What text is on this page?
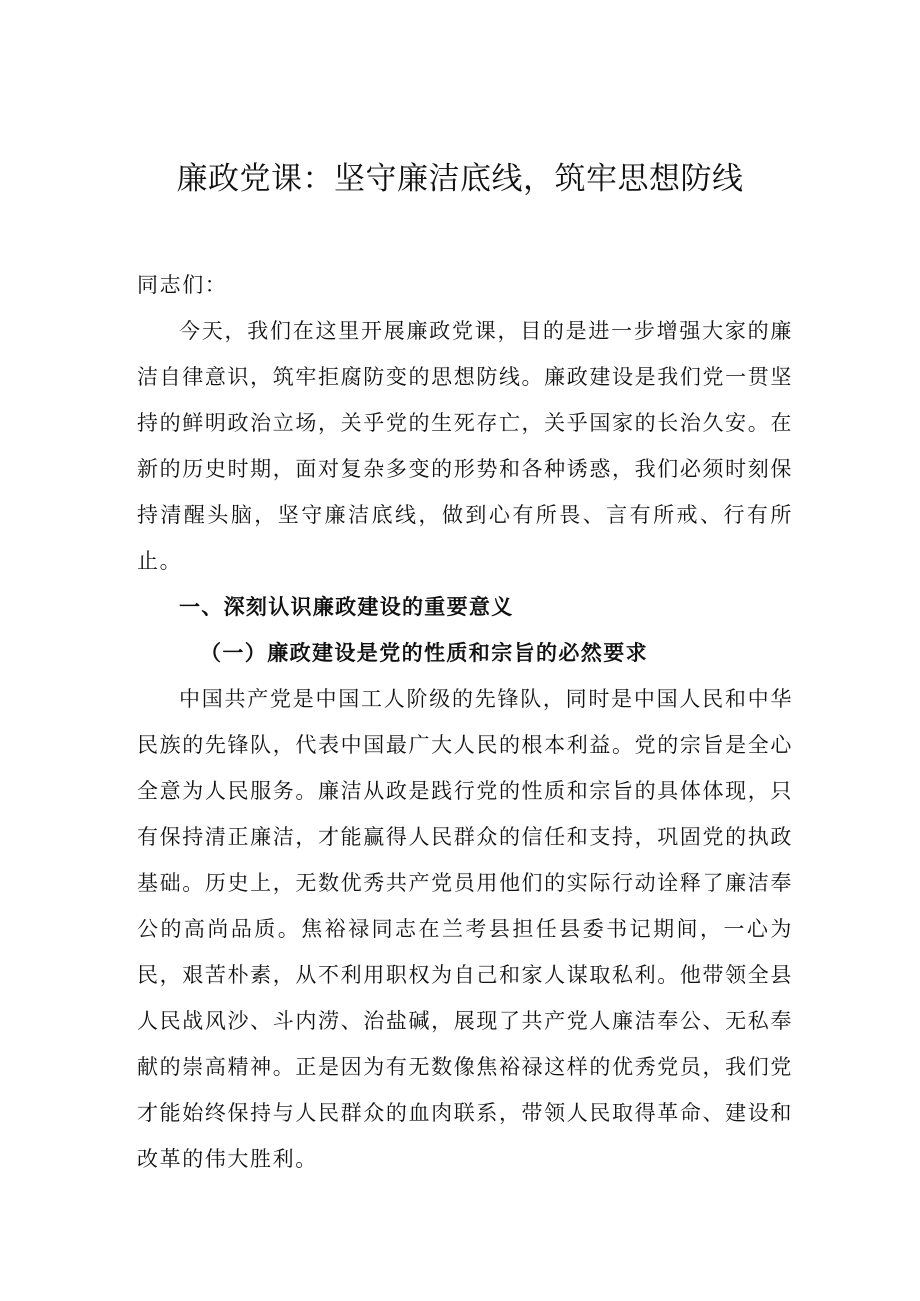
廉政党课：坚守廉洁底线，筑牢思想防线

同志们：

今天，我们在这里开展廉政党课，目的是进一步增强大家的廉洁自律意识，筑牢拒腐防变的思想防线。廉政建设是我们党一贯坚持的鲜明政治立场，关乎党的生死存亡，关乎国家的长治久安。在新的历史时期，面对复杂多变的形势和各种诱惑，我们必须时刻保持清醒头脑，坚守廉洁底线，做到心有所畏、言有所戒、行有所止。

一、深刻认识廉政建设的重要意义

（一）廉政建设是党的性质和宗旨的必然要求

中国共产党是中国工人阶级的先锋队，同时是中国人民和中华民族的先锋队，代表中国最广大人民的根本利益。党的宗旨是全心全意为人民服务。廉洁从政是践行党的性质和宗旨的具体体现，只有保持清正廉洁，才能赢得人民群众的信任和支持，巩固党的执政基础。历史上，无数优秀共产党员用他们的实际行动诠释了廉洁奉公的高尚品质。焦裕禄同志在兰考县担任县委书记期间，一心为民，艰苦朴素，从不利用职权为自己和家人谋取私利。他带领全县人民战风沙、斗内涝、治盐碱，展现了共产党人廉洁奉公、无私奉献的崇高精神。正是因为有无数像焦裕禄这样的优秀党员，我们党才能始终保持与人民群众的血肉联系，带领人民取得革命、建设和改革的伟大胜利。
